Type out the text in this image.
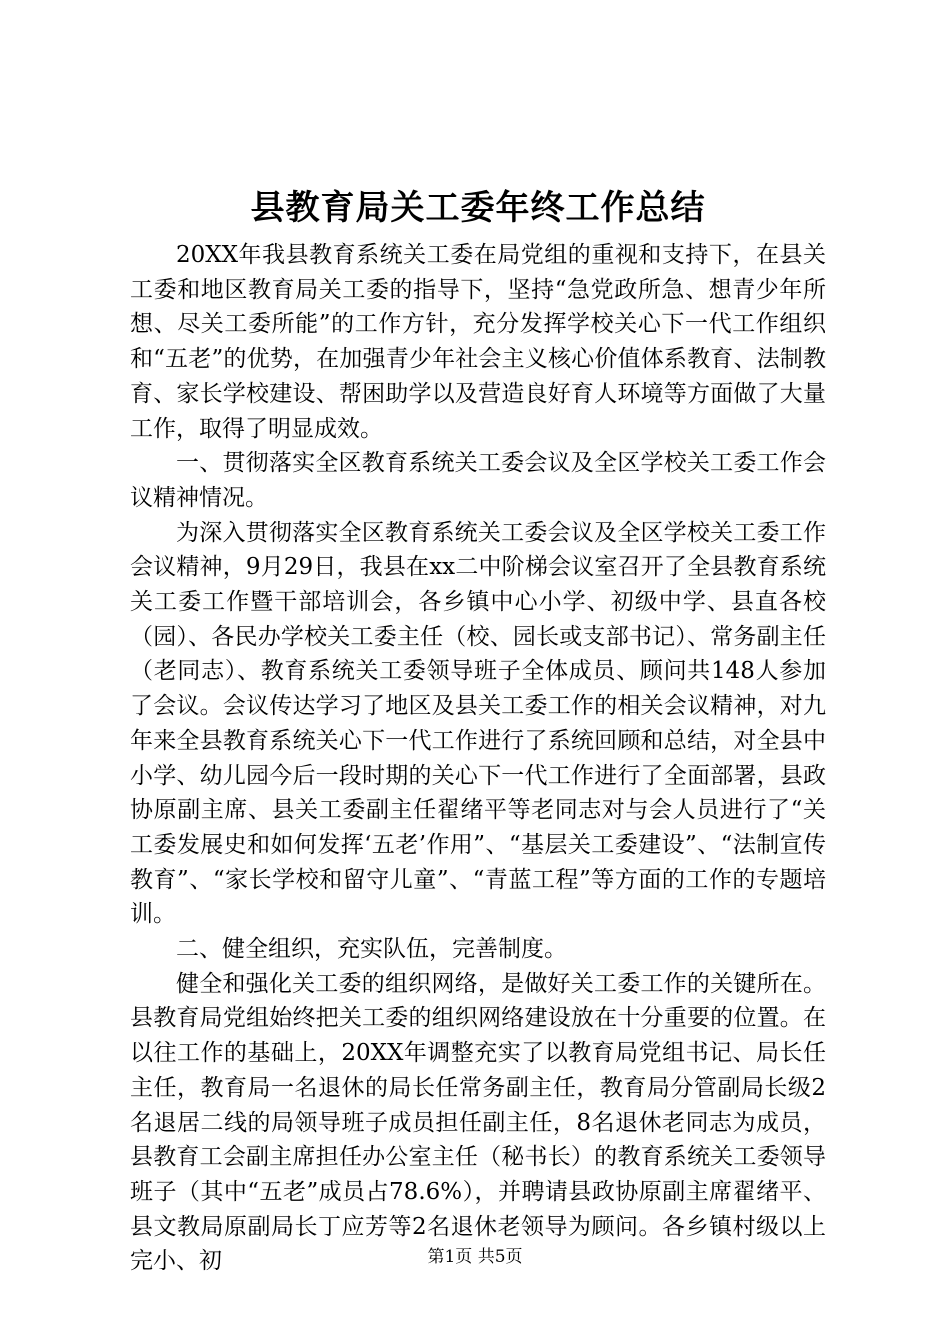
县教育局关工委年终工作总结

20XX年我县教育系统关工委在局党组的重视和支持下，在县关工委和地区教育局关工委的指导下，坚持“急党政所急、想青少年所想、尽关工委所能”的工作方针，充分发挥学校关心下一代工作组织和“五老”的优势，在加强青少年社会主义核心价值体系教育、法制教育、家长学校建设、帮困助学以及营造良好育人环境等方面做了大量工作，取得了明显成效。

一、贯彻落实全区教育系统关工委会议及全区学校关工委工作会议精神情况。

为深入贯彻落实全区教育系统关工委会议及全区学校关工委工作会议精神，9月29日，我县在xx二中阶梯会议室召开了全县教育系统关工委工作暨干部培训会，各乡镇中心小学、初级中学、县直各校（园）、各民办学校关工委主任（校、园长或支部书记）、常务副主任（老同志）、教育系统关工委领导班子全体成员、顾问共148人参加了会议。会议传达学习了地区及县关工委工作的相关会议精神，对九年来全县教育系统关心下一代工作进行了系统回顾和总结，对全县中小学、幼儿园今后一段时期的关心下一代工作进行了全面部署，县政协原副主席、县关工委副主任翟绪平等老同志对与会人员进行了“关工委发展史和如何发挥‘五老’作用”、“基层关工委建设”、“法制宣传教育”、“家长学校和留守儿童”、“青蓝工程”等方面的工作的专题培训。

二、健全组织，充实队伍，完善制度。

健全和强化关工委的组织网络，是做好关工委工作的关键所在。县教育局党组始终把关工委的组织网络建设放在十分重要的位置。在以往工作的基础上，20XX年调整充实了以教育局党组书记、局长任主任，教育局一名退休的局长任常务副主任，教育局分管副局长级2名退居二线的局领导班子成员担任副主任，8名退休老同志为成员，县教育工会副主席担任办公室主任（秘书长）的教育系统关工委领导班子（其中“五老”成员占78.6%），并聘请县政协原副主席翟绪平、县文教局原副局长丁应芳等2名退休老领导为顾问。各乡镇村级以上完小、初	第1页 共5页
